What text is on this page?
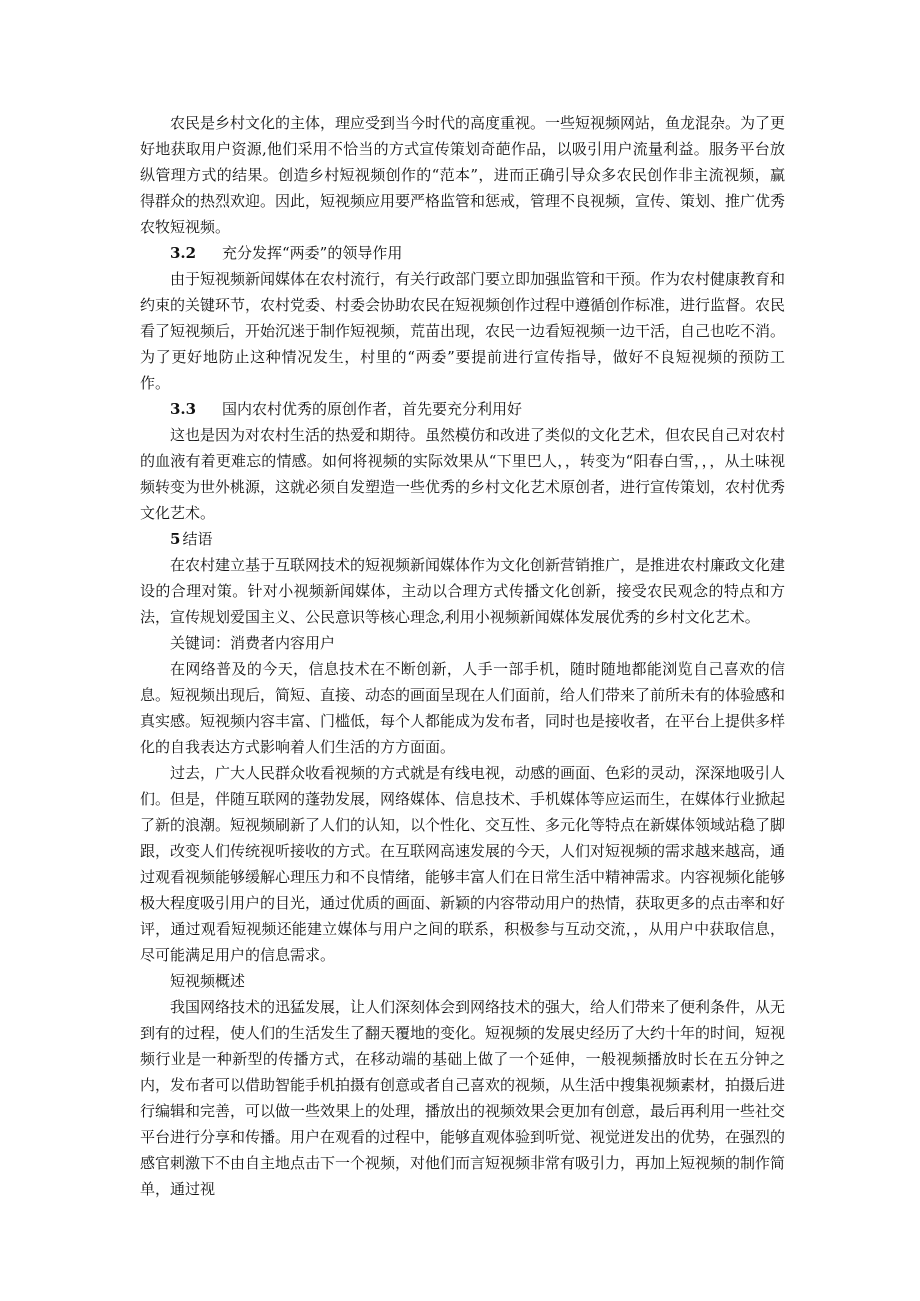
农民是乡村文化的主体，理应受到当今时代的高度重视。一些短视频网站，鱼龙混杂。为了更好地获取用户资源,他们采用不恰当的方式宣传策划奇葩作品，以吸引用户流量利益。服务平台放纵管理方式的结果。创造乡村短视频创作的“范本”，进而正确引导众多农民创作非主流视频，赢得群众的热烈欢迎。因此，短视频应用要严格监管和惩戒，管理不良视频，宣传、策划、推广优秀农牧短视频。

3.2 充分发挥“两委”的领导作用

由于短视频新闻媒体在农村流行，有关行政部门要立即加强监管和干预。作为农村健康教育和约束的关键环节，农村党委、村委会协助农民在短视频创作过程中遵循创作标准，进行监督。农民看了短视频后，开始沉迷于制作短视频，荒苗出现，农民一边看短视频一边干活，自己也吃不消。为了更好地防止这种情况发生，村里的“两委”要提前进行宣传指导，做好不良短视频的预防工作。

3.3 国内农村优秀的原创作者，首先要充分利用好

这也是因为对农村生活的热爱和期待。虽然模仿和改进了类似的文化艺术，但农民自己对农村的血液有着更难忘的情感。如何将视频的实际效果从“下里巴人，，转变为“阳春白雪，，，从土味视频转变为世外桃源，这就必须自发塑造一些优秀的乡村文化艺术原创者，进行宣传策划，农村优秀文化艺术。

5 结语

在农村建立基于互联网技术的短视频新闻媒体作为文化创新营销推广，是推进农村廉政文化建设的合理对策。针对小视频新闻媒体，主动以合理方式传播文化创新，接受农民观念的特点和方法，宣传规划爱国主义、公民意识等核心理念,利用小视频新闻媒体发展优秀的乡村文化艺术。

关键词：消费者内容用户

在网络普及的今天，信息技术在不断创新，人手一部手机，随时随地都能浏览自己喜欢的信息。短视频出现后，简短、直接、动态的画面呈现在人们面前，给人们带来了前所未有的体验感和真实感。短视频内容丰富、门槛低，每个人都能成为发布者，同时也是接收者，在平台上提供多样化的自我表达方式影响着人们生活的方方面面。

过去，广大人民群众收看视频的方式就是有线电视，动感的画面、色彩的灵动，深深地吸引人们。但是，伴随互联网的蓬勃发展，网络媒体、信息技术、手机媒体等应运而生，在媒体行业掀起了新的浪潮。短视频刷新了人们的认知，以个性化、交互性、多元化等特点在新媒体领域站稳了脚跟，改变人们传统视听接收的方式。在互联网高速发展的今天，人们对短视频的需求越来越高，通过观看视频能够缓解心理压力和不良情绪，能够丰富人们在日常生活中精神需求。内容视频化能够极大程度吸引用户的目光，通过优质的画面、新颖的内容带动用户的热情，获取更多的点击率和好评，通过观看短视频还能建立媒体与用户之间的联系，积极参与互动交流，，从用户中获取信息，尽可能满足用户的信息需求。

短视频概述

我国网络技术的迅猛发展，让人们深刻体会到网络技术的强大，给人们带来了便利条件，从无到有的过程，使人们的生活发生了翻天覆地的变化。短视频的发展史经历了大约十年的时间，短视频行业是一种新型的传播方式，在移动端的基础上做了一个延伸，一般视频播放时长在五分钟之内，发布者可以借助智能手机拍摄有创意或者自己喜欢的视频，从生活中搜集视频素材，拍摄后进行编辑和完善，可以做一些效果上的处理，播放出的视频效果会更加有创意，最后再利用一些社交平台进行分享和传播。用户在观看的过程中，能够直观体验到听觉、视觉迸发出的优势，在强烈的感官刺激下不由自主地点击下一个视频，对他们而言短视频非常有吸引力，再加上短视频的制作简单，通过视
